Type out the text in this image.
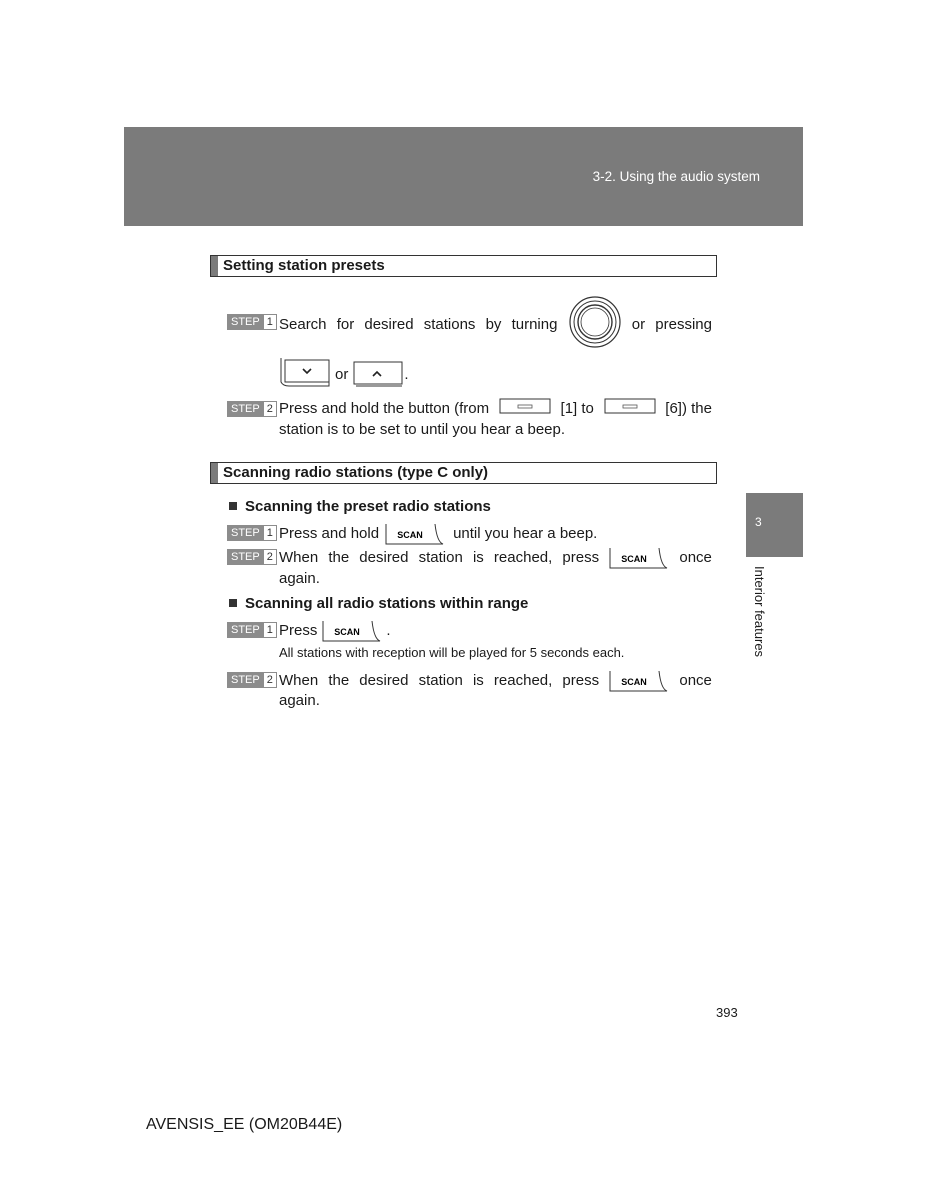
3-2. Using the audio system
3
Interior features
Setting station presets
STEP 1 Search for desired stations by turning	or pressing
or	.
STEP 2 Press and hold the button (from	[1] to	[6]) the
station is to be set to until you hear a beep.
Scanning radio stations (type C only)
Scanning the preset radio stations
STEP 1 Press and hold SCAN until you hear a beep.
STEP 2 When the desired station is reached, press SCAN once
again.
Scanning all radio stations within range
STEP 1 Press SCAN .
All stations with reception will be played for 5 seconds each.
STEP 2 When the desired station is reached, press SCAN once
again.
393
AVENSIS_EE (OM20B44E)
